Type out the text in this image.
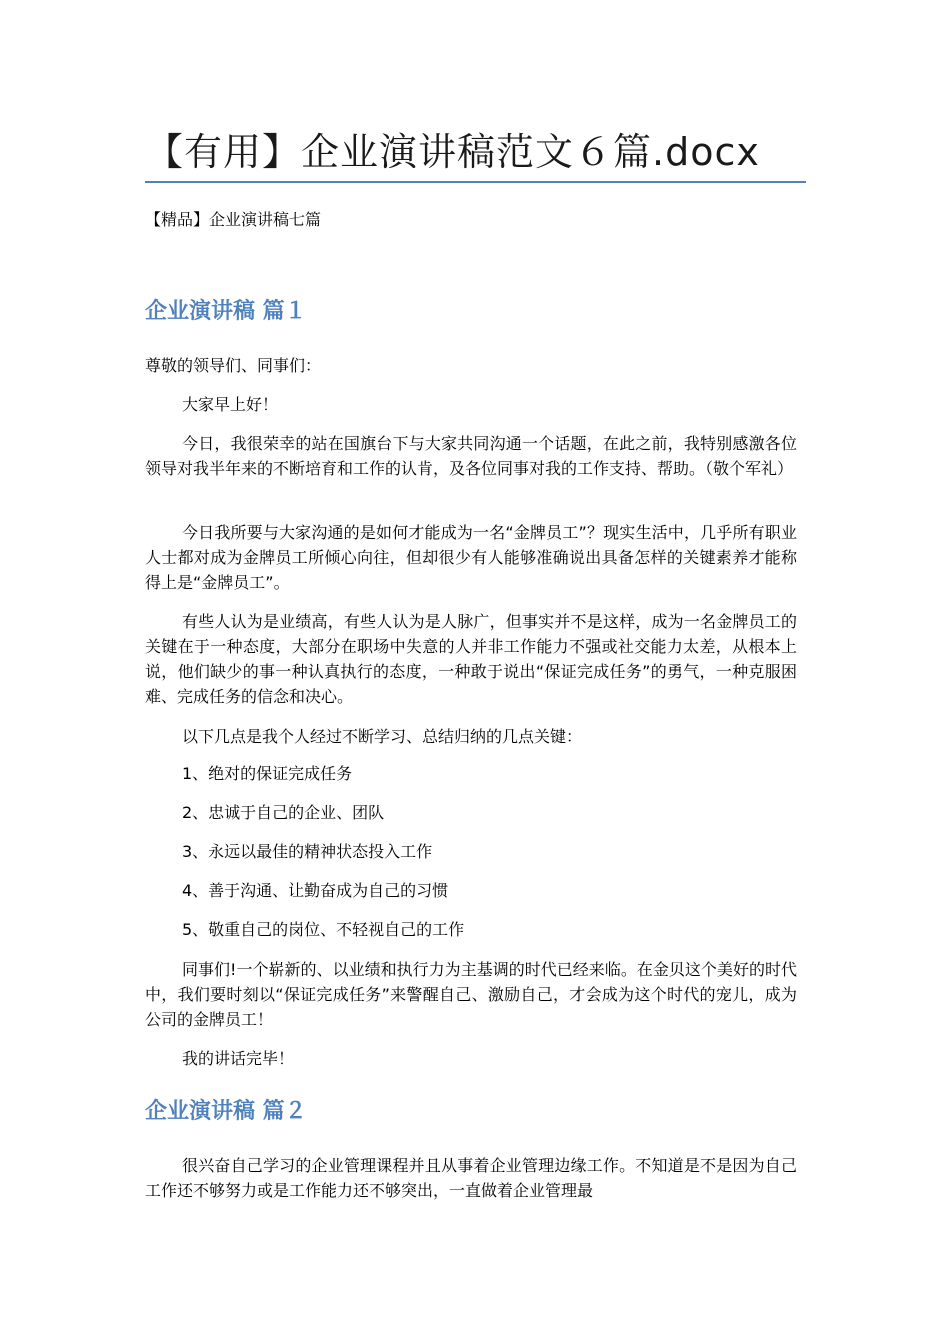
【有用】企业演讲稿范文６篇.docx
【精品】企业演讲稿七篇
企业演讲稿 篇１
尊敬的领导们、同事们：
大家早上好！
今日，我很荣幸的站在国旗台下与大家共同沟通一个话题，在此之前，我特别感激各位领导对我半年来的不断培育和工作的认肯，及各位同事对我的工作支持、帮助。（敬个军礼）
今日我所要与大家沟通的是如何才能成为一名“金牌员工”？现实生活中，几乎所有职业人士都对成为金牌员工所倾心向往，但却很少有人能够准确说出具备怎样的关键素养才能称得上是“金牌员工”。
有些人认为是业绩高，有些人认为是人脉广，但事实并不是这样，成为一名金牌员工的关键在于一种态度，大部分在职场中失意的人并非工作能力不强或社交能力太差，从根本上说，他们缺少的事一种认真执行的态度，一种敢于说出“保证完成任务”的勇气，一种克服困难、完成任务的信念和决心。
以下几点是我个人经过不断学习、总结归纳的几点关键：
1、绝对的保证完成任务
2、忠诚于自己的企业、团队
3、永远以最佳的精神状态投入工作
4、善于沟通、让勤奋成为自己的习惯
5、敬重自己的岗位、不轻视自己的工作
同事们!一个崭新的、以业绩和执行力为主基调的时代已经来临。在金贝这个美好的时代中，我们要时刻以“保证完成任务”来警醒自己、激励自己，才会成为这个时代的宠儿，成为公司的金牌员工！
我的讲话完毕！
企业演讲稿 篇２
很兴奋自己学习的企业管理课程并且从事着企业管理边缘工作。不知道是不是因为自己工作还不够努力或是工作能力还不够突出，一直做着企业管理最
